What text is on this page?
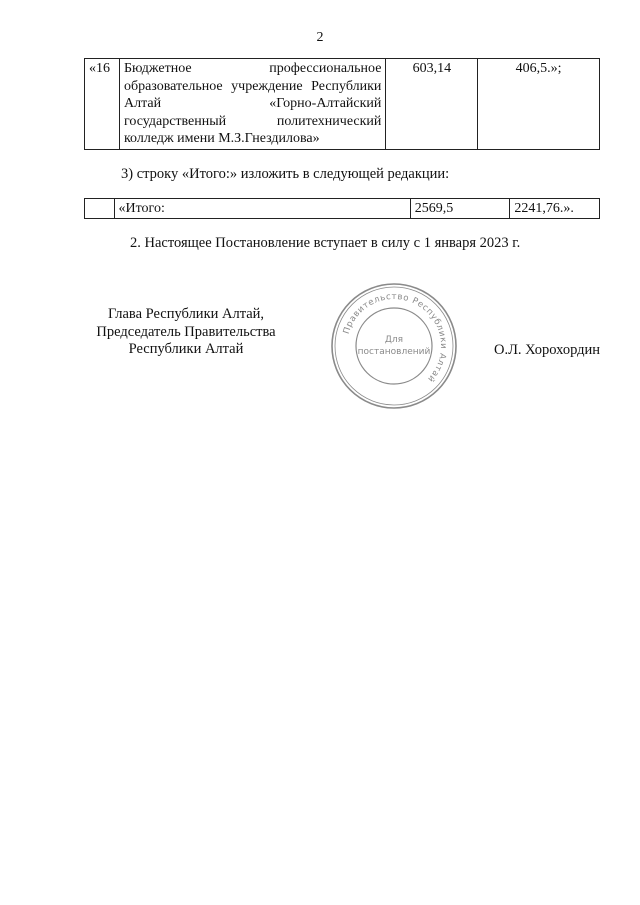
2
«16	Бюджетное профессиональное образовательное учреждение Республики Алтай «Горно-Алтайский государственный политехнический колледж имени М.З.Гнездилова»	603,14	406,5.»;
3) строку «Итого:» изложить в следующей редакции:
	«Итого:	2569,5	2241,76.».
2. Настоящее Постановление вступает в силу с 1 января 2023 г.
Глава Республики Алтай,
Председатель Правительства
Республики Алтай
Правительство Республики Алтай
Для
постановлений	О.Л. Хорохордин
